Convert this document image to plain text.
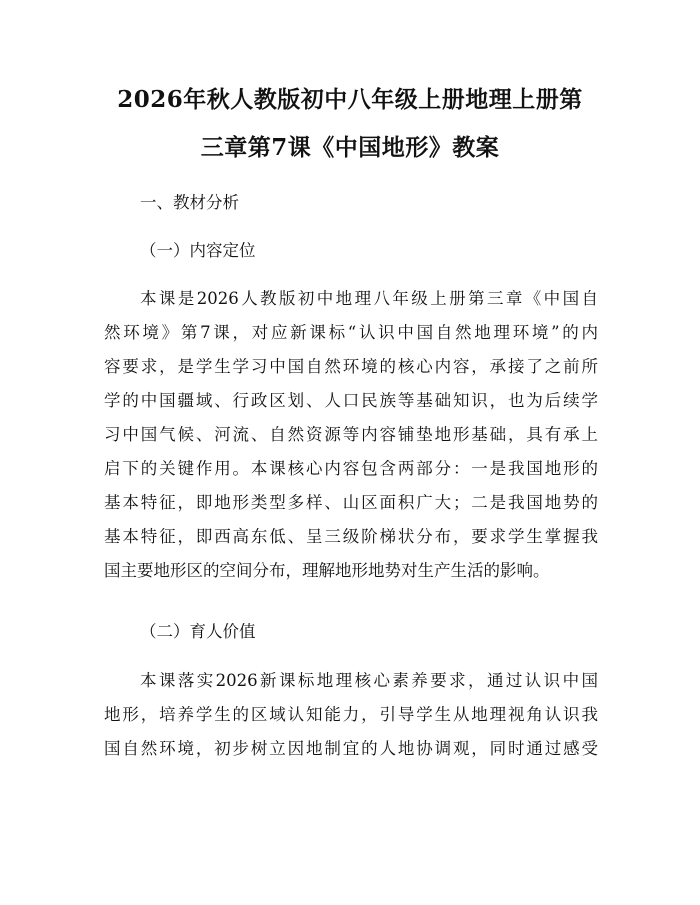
2026年秋人教版初中八年级上册地理上册第
三章第7课《中国地形》教案
一、教材分析
（一）内容定位
本课是2026人教版初中地理八年级上册第三章《中国自
然环境》第7课，对应新课标“认识中国自然地理环境”的内
容要求，是学生学习中国自然环境的核心内容，承接了之前所
学的中国疆域、行政区划、人口民族等基础知识，也为后续学
习中国气候、河流、自然资源等内容铺垫地形基础，具有承上
启下的关键作用。本课核心内容包含两部分：一是我国地形的
基本特征，即地形类型多样、山区面积广大；二是我国地势的
基本特征，即西高东低、呈三级阶梯状分布，要求学生掌握我
国主要地形区的空间分布，理解地形地势对生产生活的影响。
（二）育人价值
本课落实2026新课标地理核心素养要求，通过认识中国
地形，培养学生的区域认知能力，引导学生从地理视角认识我
国自然环境，初步树立因地制宜的人地协调观，同时通过感受
